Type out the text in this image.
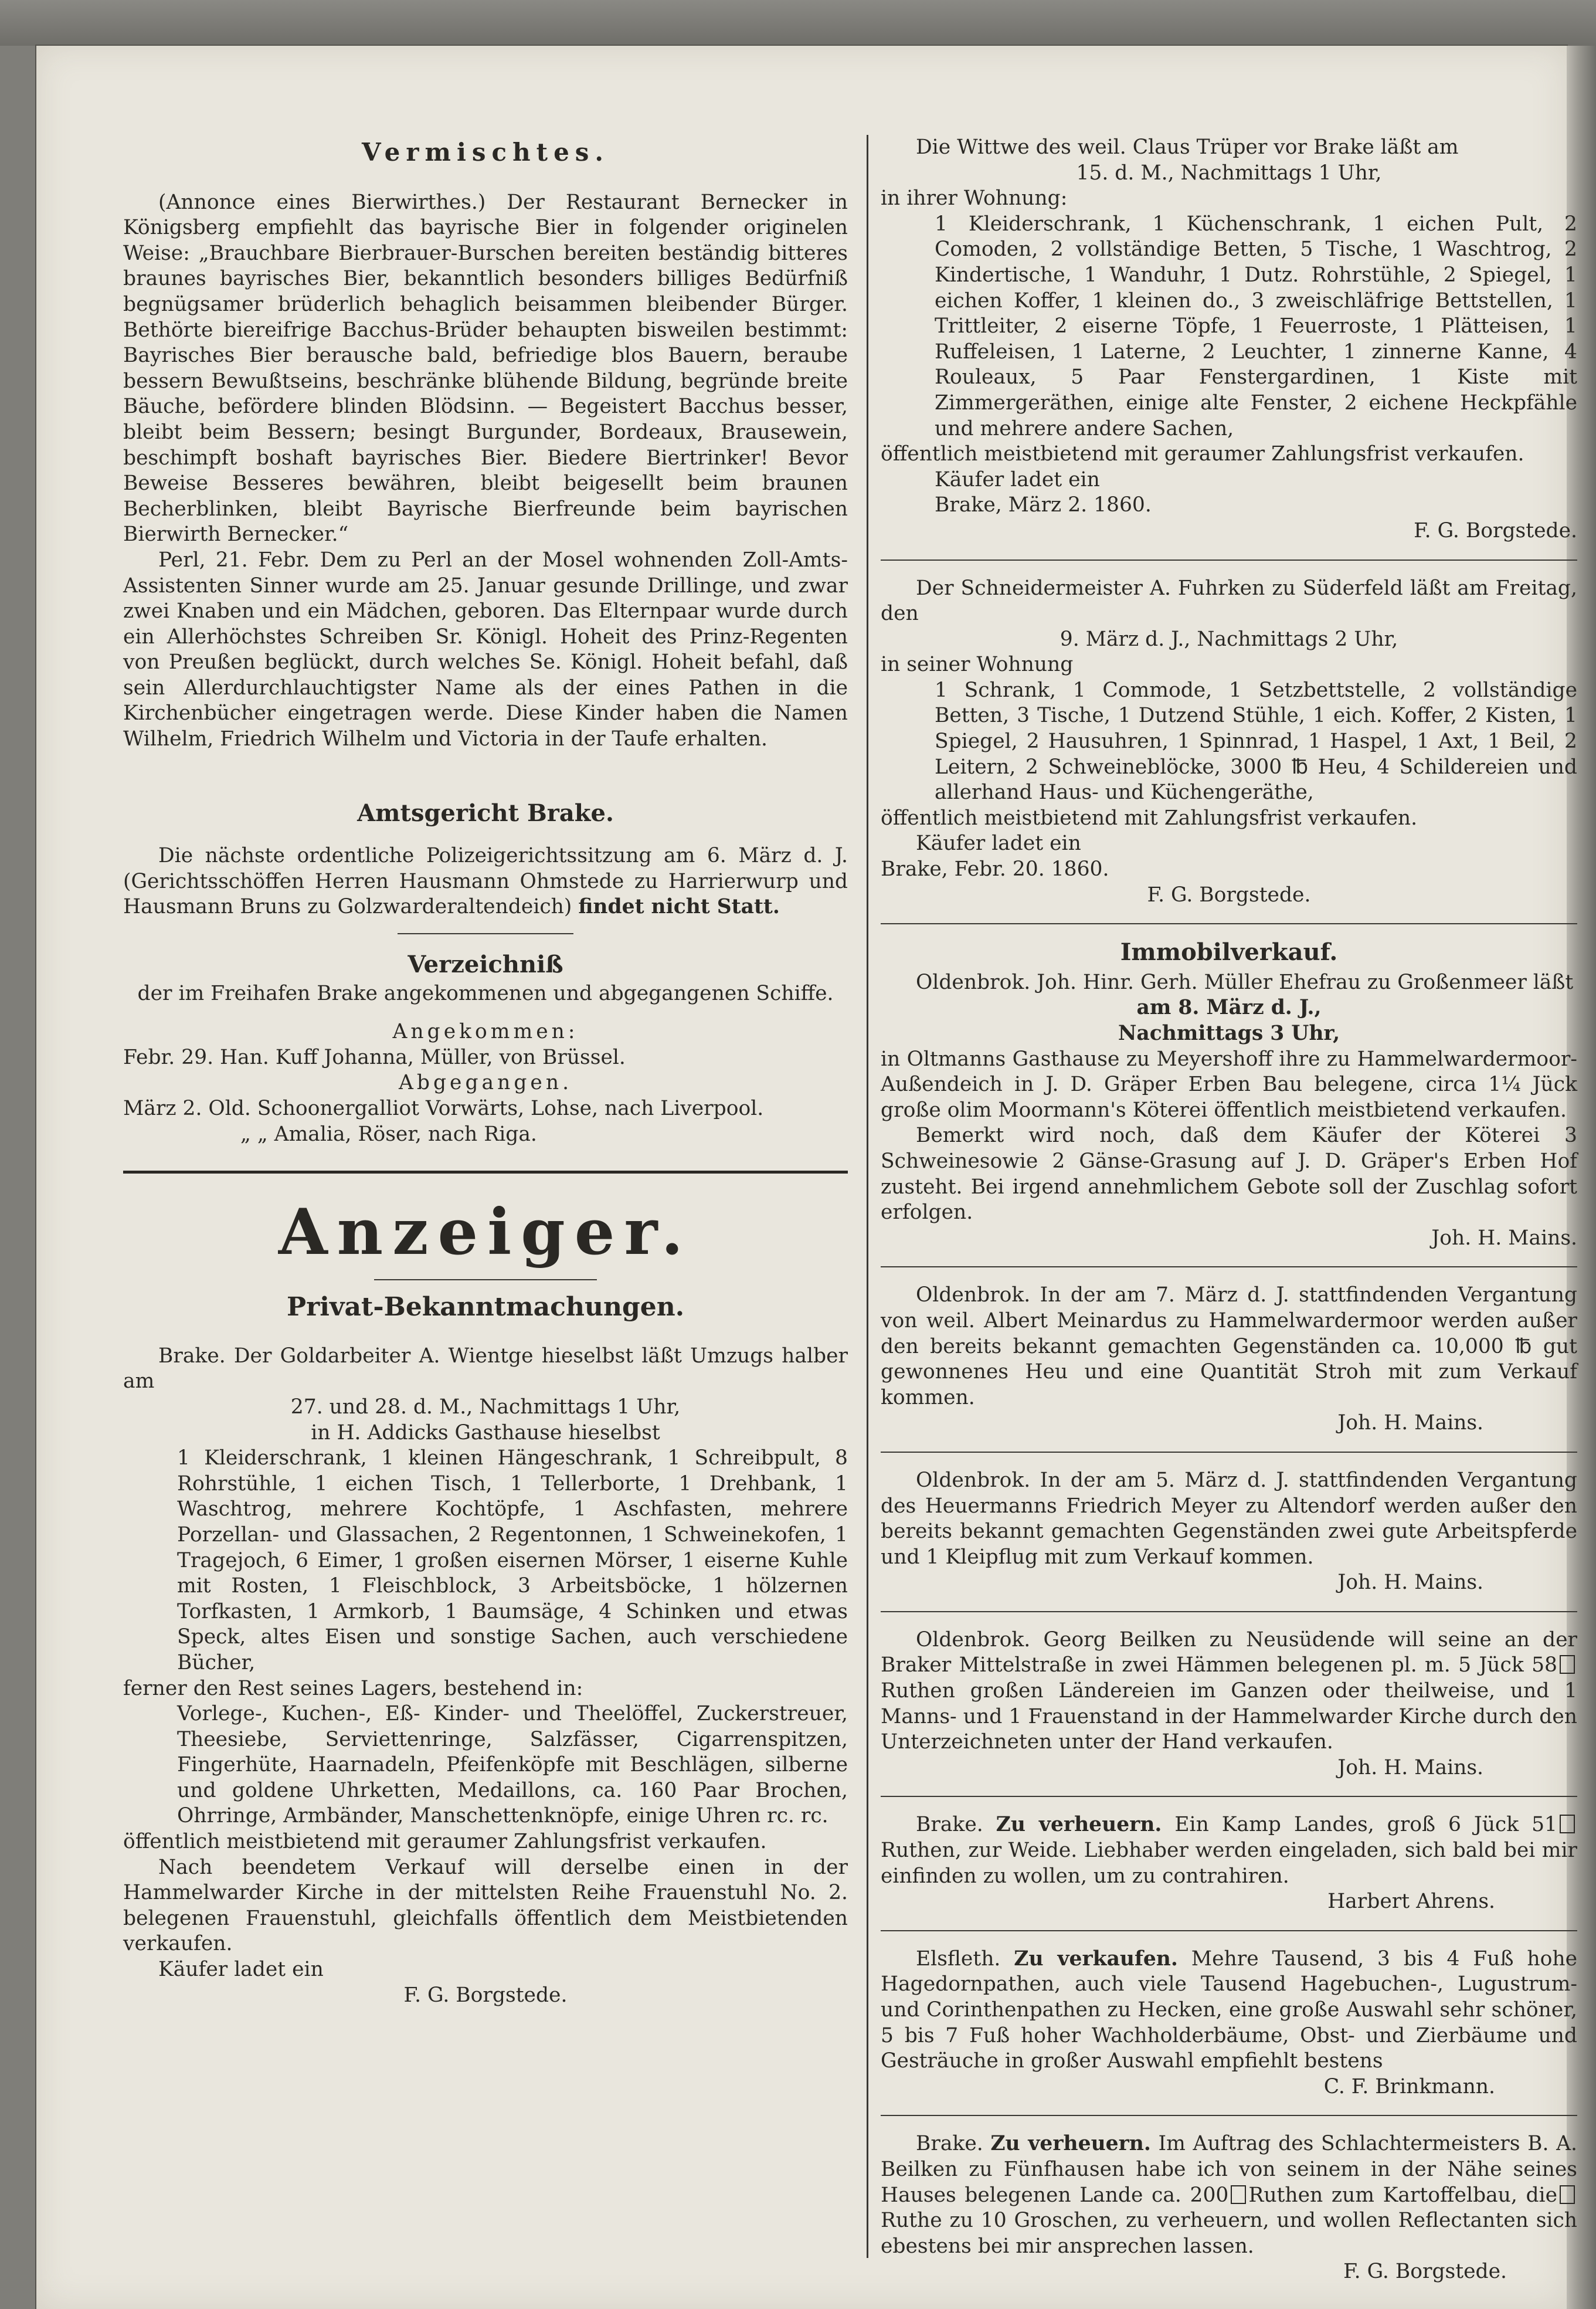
Vermischtes.

(Annonce eines Bierwirthes.) Der Restaurant Bernecker in Königsberg empfiehlt das bayrische Bier in folgender originelen Weise: „Brauchbare Bierbrauer-Burschen bereiten beständig bitteres braunes bayrisches Bier, bekanntlich besonders billiges Bedürfniß begnügsamer brüderlich behaglich beisammen bleibender Bürger. Bethörte biereifrige Bacchus-Brüder behaupten bisweilen bestimmt: Bayrisches Bier berausche bald, befriedige blos Bauern, beraube bessern Bewußtseins, beschränke blühende Bildung, begründe breite Bäuche, befördere blinden Blödsinn. — Begeistert Bacchus besser, bleibt beim Bessern; besingt Burgunder, Bordeaux, Brausewein, beschimpft boshaft bayrisches Bier. Biedere Biertrinker! Bevor Beweise Besseres bewähren, bleibt beigesellt beim braunen Becherblinken, bleibt Bayrische Bierfreunde beim bayrischen Bierwirth Bernecker.“

Perl, 21. Febr. Dem zu Perl an der Mosel wohnenden Zoll-Amts-Assistenten Sinner wurde am 25. Januar gesunde Drillinge, und zwar zwei Knaben und ein Mädchen, geboren. Das Elternpaar wurde durch ein Allerhöchstes Schreiben Sr. Königl. Hoheit des Prinz-Regenten von Preußen beglückt, durch welches Se. Königl. Hoheit befahl, daß sein Allerdurchlauchtigster Name als der eines Pathen in die Kirchenbücher eingetragen werde. Diese Kinder haben die Namen Wilhelm, Friedrich Wilhelm und Victoria in der Taufe erhalten.

Amtsgericht Brake.

Die nächste ordentliche Polizeigerichtssitzung am 6. März d. J. (Gerichtsschöffen Herren Hausmann Ohmstede zu Harrierwurp und Hausmann Bruns zu Golzwarderaltendeich) findet nicht Statt.

Verzeichniß

der im Freihafen Brake angekommenen und abgegangenen Schiffe.

Angekommen:

Febr. 29. Han. Kuff Johanna, Müller, von Brüssel.

Abgegangen.

März 2. Old. Schoonergalliot Vorwärts, Lohse, nach Liverpool.

„ „ Amalia, Röser, nach Riga.

Anzeiger.
Privat-Bekanntmachungen.

Brake. Der Goldarbeiter A. Wientge hieselbst läßt Umzugs halber am

27. und 28. d. M., Nachmittags 1 Uhr,

in H. Addicks Gasthause hieselbst

1 Kleiderschrank, 1 kleinen Hängeschrank, 1 Schreibpult, 8 Rohrstühle, 1 eichen Tisch, 1 Tellerborte, 1 Drehbank, 1 Waschtrog, mehrere Kochtöpfe, 1 Aschfasten, mehrere Porzellan- und Glassachen, 2 Regentonnen, 1 Schweinekofen, 1 Tragejoch, 6 Eimer, 1 großen eisernen Mörser, 1 eiserne Kuhle mit Rosten, 1 Fleischblock, 3 Arbeitsböcke, 1 hölzernen Torfkasten, 1 Armkorb, 1 Baumsäge, 4 Schinken und etwas Speck, altes Eisen und sonstige Sachen, auch verschiedene Bücher,

ferner den Rest seines Lagers, bestehend in:

Vorlege-, Kuchen-, Eß- Kinder- und Theelöffel, Zuckerstreuer, Theesiebe, Serviettenringe, Salzfässer, Cigarrenspitzen, Fingerhüte, Haarnadeln, Pfeifenköpfe mit Beschlägen, silberne und goldene Uhrketten, Medaillons, ca. 160 Paar Brochen, Ohrringe, Armbänder, Manschettenknöpfe, einige Uhren rc. rc.

öffentlich meistbietend mit geraumer Zahlungsfrist verkaufen.

Nach beendetem Verkauf will derselbe einen in der Hammelwarder Kirche in der mittelsten Reihe Frauenstuhl No. 2. belegenen Frauenstuhl, gleichfalls öffentlich dem Meistbietenden verkaufen.

Käufer ladet ein

F. G. Borgstede.

Die Wittwe des weil. Claus Trüper vor Brake läßt am

15. d. M., Nachmittags 1 Uhr,

in ihrer Wohnung:

1 Kleiderschrank, 1 Küchenschrank, 1 eichen Pult, 2 Comoden, 2 vollständige Betten, 5 Tische, 1 Waschtrog, 2 Kindertische, 1 Wanduhr, 1 Dutz. Rohrstühle, 2 Spiegel, 1 eichen Koffer, 1 kleinen do., 3 zweischläfrige Bettstellen, 1 Trittleiter, 2 eiserne Töpfe, 1 Feuerroste, 1 Plätteisen, 1 Ruffeleisen, 1 Laterne, 2 Leuchter, 1 zinnerne Kanne, 4 Rouleaux, 5 Paar Fenstergardinen, 1 Kiste mit Zimmergeräthen, einige alte Fenster, 2 eichene Heckpfähle und mehrere andere Sachen,

öffentlich meistbietend mit geraumer Zahlungsfrist verkaufen.

Käufer ladet ein

Brake, März 2. 1860.

F. G. Borgstede.

Der Schneidermeister A. Fuhrken zu Süderfeld läßt am Freitag, den

9. März d. J., Nachmittags 2 Uhr,

in seiner Wohnung

1 Schrank, 1 Commode, 1 Setzbettstelle, 2 vollständige Betten, 3 Tische, 1 Dutzend Stühle, 1 eich. Koffer, 2 Kisten, 1 Spiegel, 2 Hausuhren, 1 Spinnrad, 1 Haspel, 1 Axt, 1 Beil, 2 Leitern, 2 Schweineblöcke, 3000 ℔ Heu, 4 Schildereien und allerhand Haus- und Küchengeräthe,

öffentlich meistbietend mit Zahlungsfrist verkaufen.

Käufer ladet ein

Brake, Febr. 20. 1860.

F. G. Borgstede.

Immobilverkauf.

Oldenbrok. Joh. Hinr. Gerh. Müller Ehefrau zu Großenmeer läßt

am 8. März d. J.,

Nachmittags 3 Uhr,

in Oltmanns Gasthause zu Meyershoff ihre zu Hammelwardermoor-Außendeich in J. D. Gräper Erben Bau belegene, circa 1¼ Jück große olim Moormann's Köterei öffentlich meistbietend verkaufen.

Bemerkt wird noch, daß dem Käufer der Köterei 3 Schweinesowie 2 Gänse-Grasung auf J. D. Gräper's Erben Hof zusteht. Bei irgend annehmlichem Gebote soll der Zuschlag sofort erfolgen.

Joh. H. Mains.

Oldenbrok. In der am 7. März d. J. stattfindenden Vergantung von weil. Albert Meinardus zu Hammelwardermoor werden außer den bereits bekannt gemachten Gegenständen ca. 10,000 ℔ gut gewonnenes Heu und eine Quantität Stroh mit zum Verkauf kommen.

Joh. H. Mains.

Oldenbrok. In der am 5. März d. J. stattfindenden Vergantung des Heuermanns Friedrich Meyer zu Altendorf werden außer den bereits bekannt gemachten Gegenständen zwei gute Arbeitspferde und 1 Kleipflug mit zum Verkauf kommen.

Joh. H. Mains.

Oldenbrok. Georg Beilken zu Neusüdende will seine an der Braker Mittelstraße in zwei Hämmen belegenen pl. m. 5 Jück 58Ruthen großen Ländereien im Ganzen oder theilweise, und 1 Manns- und 1 Frauenstand in der Hammelwarder Kirche durch den Unterzeichneten unter der Hand verkaufen.

Joh. H. Mains.

Brake. Zu verheuern. Ein Kamp Landes, groß 6 Jück 51Ruthen, zur Weide. Liebhaber werden eingeladen, sich bald bei mir einfinden zu wollen, um zu contrahiren.

Harbert Ahrens.

Elsfleth. Zu verkaufen. Mehre Tausend, 3 bis 4 Fuß hohe Hagedornpathen, auch viele Tausend Hagebuchen-, Lugustrum- und Corinthenpathen zu Hecken, eine große Auswahl sehr schöner, 5 bis 7 Fuß hoher Wachholderbäume, Obst- und Zierbäume und Gesträuche in großer Auswahl empfiehlt bestens

C. F. Brinkmann.

Brake. Zu verheuern. Im Auftrag des Schlachtermeisters B. A. Beilken zu Fünfhausen habe ich von seinem in der Nähe seines Hauses belegenen Lande ca. 200 Ruthen zum Kartoffelbau, dieRuthe zu 10 Groschen, zu verheuern, und wollen Reflectanten sich ebestens bei mir ansprechen lassen.

F. G. Borgstede.
